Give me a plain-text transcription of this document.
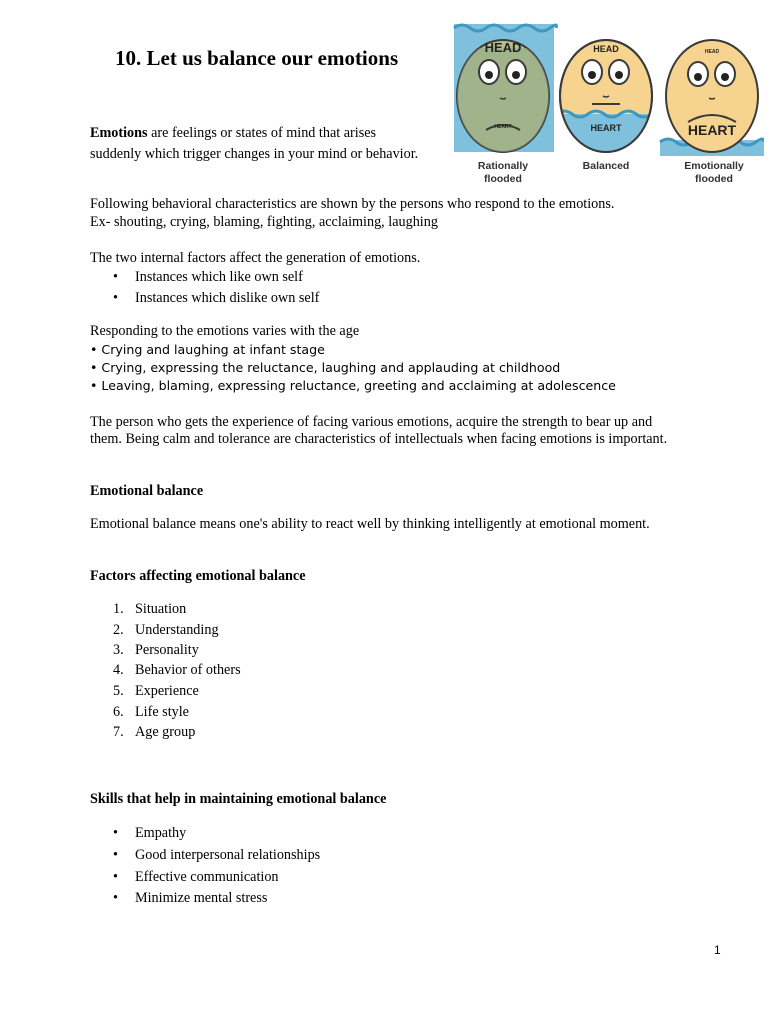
HEAD
HEART
Rationally
flooded
HEAD
HEART
Balanced
HEAD
HEART
Emotionally
flooded
10. Let us balance our emotions
Emotions are feelings or states of mind that arises
suddenly which trigger changes in your mind or behavior.
Following behavioral characteristics are shown by the persons who respond to the emotions.
Ex- shouting, crying, blaming, fighting, acclaiming, laughing
The two internal factors affect the generation of emotions.
• Instances which like own self
• Instances which dislike own self
Responding to the emotions varies with the age
• Crying and laughing at infant stage
• Crying, expressing the reluctance, laughing and applauding at childhood
• Leaving, blaming, expressing reluctance, greeting and acclaiming at adolescence
The person who gets the experience of facing various emotions, acquire the strength to bear up and
them. Being calm and tolerance are characteristics of intellectuals when facing emotions is important.
Emotional balance
Emotional balance means one's ability to react well by thinking intelligently at emotional moment.
Factors affecting emotional balance
1. Situation
2. Understanding
3. Personality
4. Behavior of others
5. Experience
6. Life style
7. Age group
Skills that help in maintaining emotional balance
• Empathy
• Good interpersonal relationships
• Effective communication
• Minimize mental stress
1
